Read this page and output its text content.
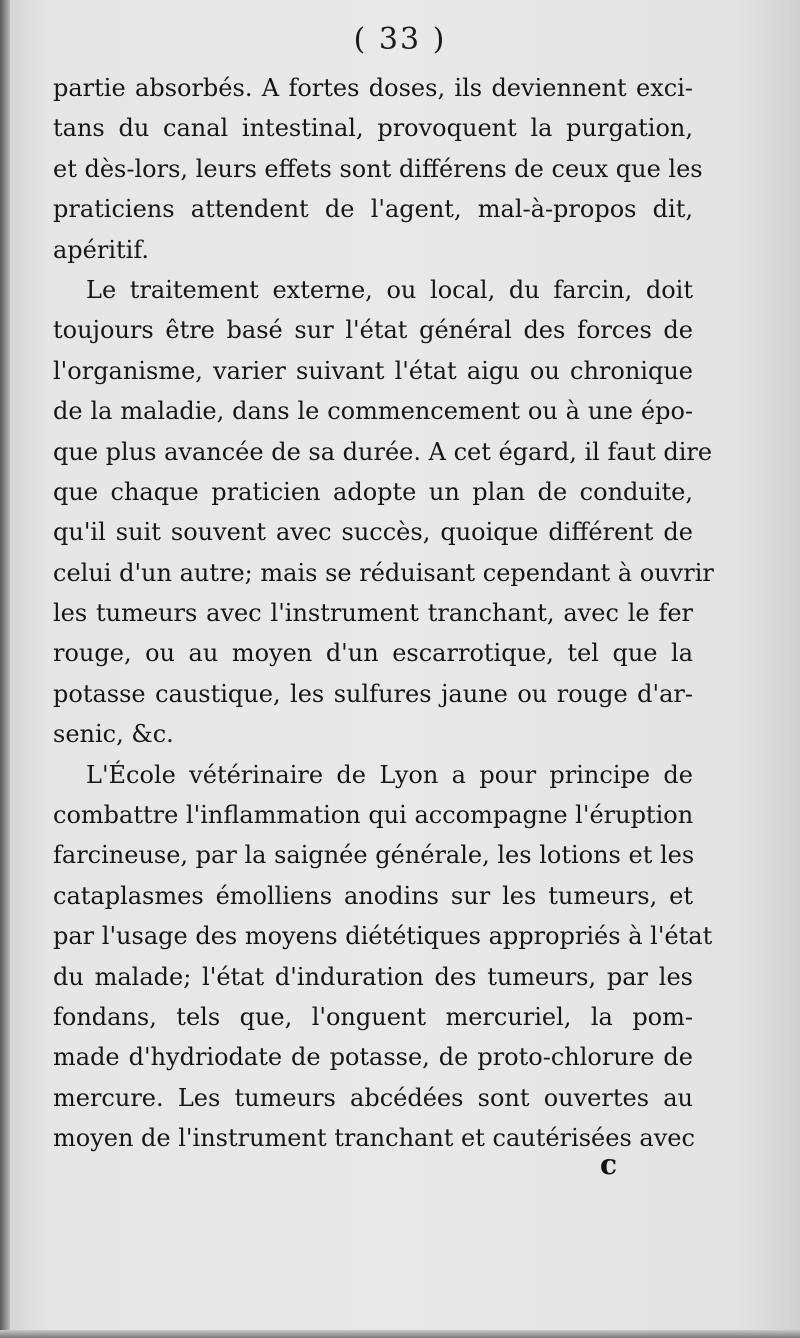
( 33 )
partie absorbés. A fortes doses, ils deviennent exci-
tans du canal intestinal, provoquent la purgation,
et dès-lors, leurs effets sont différens de ceux que les
praticiens attendent de l'agent, mal-à-propos dit,
apéritif.
Le traitement externe, ou local, du farcin, doit
toujours être basé sur l'état général des forces de
l'organisme, varier suivant l'état aigu ou chronique
de la maladie, dans le commencement ou à une épo-
que plus avancée de sa durée. A cet égard, il faut dire
que chaque praticien adopte un plan de conduite,
qu'il suit souvent avec succès, quoique différent de
celui d'un autre; mais se réduisant cependant à ouvrir
les tumeurs avec l'instrument tranchant, avec le fer
rouge, ou au moyen d'un escarrotique, tel que la
potasse caustique, les sulfures jaune ou rouge d'ar-
senic, &c.
L'École vétérinaire de Lyon a pour principe de
combattre l'inflammation qui accompagne l'éruption
farcineuse, par la saignée générale, les lotions et les
cataplasmes émolliens anodins sur les tumeurs, et
par l'usage des moyens diététiques appropriés à l'état
du malade; l'état d'induration des tumeurs, par les
fondans, tels que, l'onguent mercuriel, la pom-
made d'hydriodate de potasse, de proto-chlorure de
mercure. Les tumeurs abcédées sont ouvertes au
moyen de l'instrument tranchant et cautérisées avec
c
